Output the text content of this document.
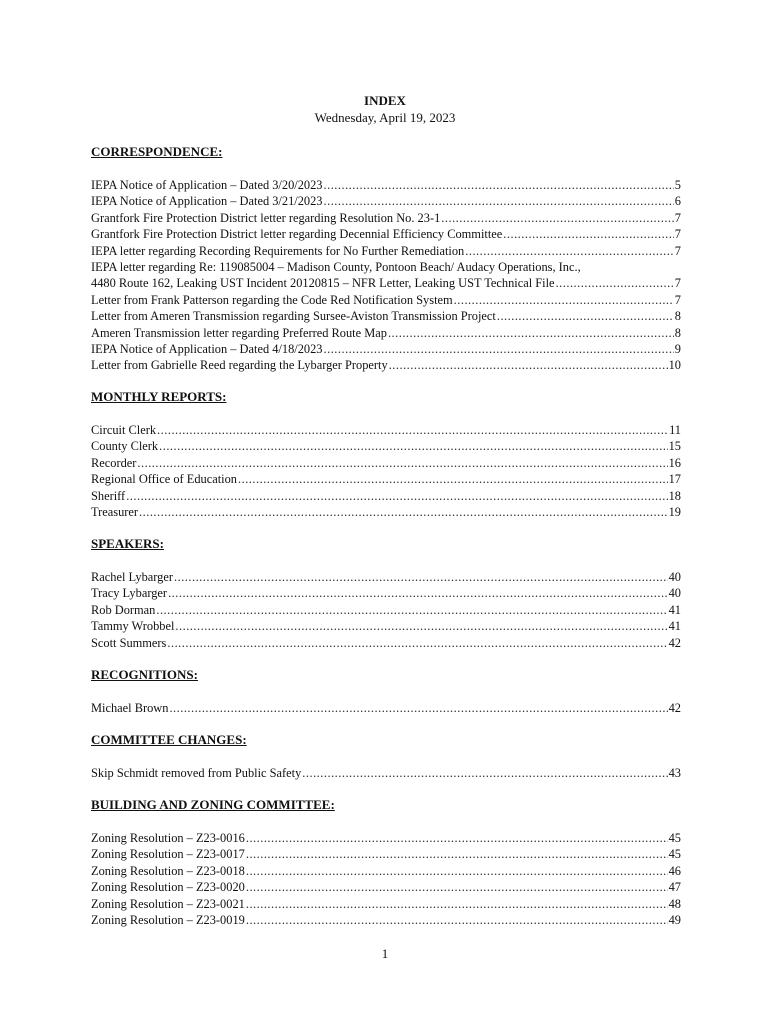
INDEX
Wednesday, April 19, 2023
CORRESPONDENCE:
IEPA Notice of Application – Dated 3/20/2023 .....	5
IEPA Notice of Application – Dated 3/21/2023 .....	6
Grantfork Fire Protection District letter regarding Resolution No. 23-1 .....	7
Grantfork Fire Protection District letter regarding Decennial Efficiency Committee .....	7
IEPA letter regarding Recording Requirements for No Further Remediation .....	7
IEPA letter regarding Re: 119085004 – Madison County, Pontoon Beach/ Audacy Operations, Inc.,
4480 Route 162, Leaking UST Incident 20120815 – NFR Letter, Leaking UST Technical File .....	7
Letter from Frank Patterson regarding the Code Red Notification System .....	7
Letter from Ameren Transmission regarding Sursee-Aviston Transmission Project .....	8
Ameren Transmission letter regarding Preferred Route Map .....	8
IEPA Notice of Application – Dated 4/18/2023 .....	9
Letter from Gabrielle Reed regarding the Lybarger Property .....	10
MONTHLY REPORTS:
Circuit Clerk .....	11
County Clerk .....	15
Recorder .....	16
Regional Office of Education .....	17
Sheriff .....	18
Treasurer .....	19
SPEAKERS:
Rachel Lybarger .....	40
Tracy Lybarger .....	40
Rob Dorman .....	41
Tammy Wrobbel .....	41
Scott Summers .....	42
RECOGNITIONS:
Michael Brown .....	42
COMMITTEE CHANGES:
Skip Schmidt removed from Public Safety .....	43
BUILDING AND ZONING COMMITTEE:
Zoning Resolution – Z23-0016 .....	45
Zoning Resolution – Z23-0017 .....	45
Zoning Resolution – Z23-0018 .....	46
Zoning Resolution – Z23-0020 .....	47
Zoning Resolution – Z23-0021 .....	48
Zoning Resolution – Z23-0019 .....	49
1
